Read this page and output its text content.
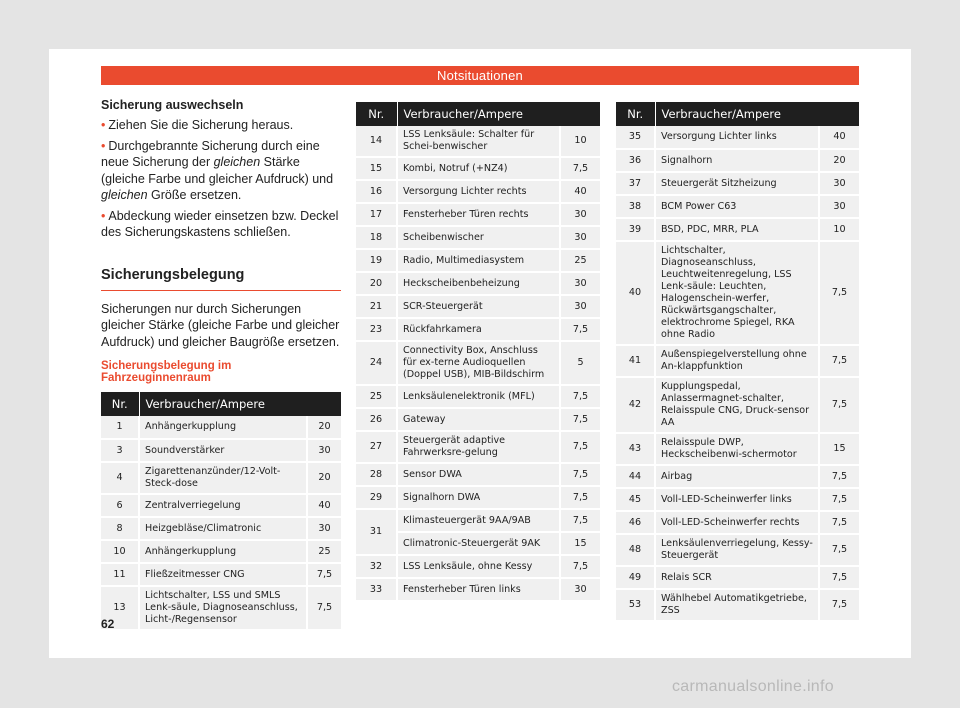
Notsituationen
Sicherung auswechseln
• Ziehen Sie die Sicherung heraus.
• Durchgebrannte Sicherung durch eine neue Sicherung der gleichen Stärke (gleiche Farbe und gleicher Aufdruck) und gleichen Größe ersetzen.
• Abdeckung wieder einsetzen bzw. Deckel des Sicherungskastens schließen.
Sicherungsbelegung
Sicherungen nur durch Sicherungen gleicher Stärke (gleiche Farbe und gleicher Aufdruck) und gleicher Baugröße ersetzen.
Sicherungsbelegung im Fahrzeuginnenraum
Nr.	Verbraucher/Ampere	
1	Anhängerkupplung	20
3	Soundverstärker	30
4	Zigarettenanzünder/12-Volt-Steck-dose	20
6	Zentralverriegelung	40
8	Heizgebläse/Climatronic	30
10	Anhängerkupplung	25
11	Fließzeitmesser CNG	7,5
13	Lichtschalter, LSS und SMLS Lenk-säule, Diagnoseanschluss, Licht-/Regensensor	7,5
Nr.	Verbraucher/Ampere	
14	LSS Lenksäule: Schalter für Schei-benwischer	10
15	Kombi, Notruf (+NZ4)	7,5
16	Versorgung Lichter rechts	40
17	Fensterheber Türen rechts	30
18	Scheibenwischer	30
19	Radio, Multimediasystem	25
20	Heckscheibenbeheizung	30
21	SCR-Steuergerät	30
23	Rückfahrkamera	7,5
24	Connectivity Box, Anschluss für ex-terne Audioquellen (Doppel USB), MIB-Bildschirm	5
25	Lenksäulenelektronik (MFL)	7,5
26	Gateway	7,5
27	Steuergerät adaptive Fahrwerksre-gelung	7,5
28	Sensor DWA	7,5
29	Signalhorn DWA	7,5
31	Klimasteuergerät 9AA/9AB	7,5
	Climatronic-Steuergerät 9AK	15
32	LSS Lenksäule, ohne Kessy	7,5
33	Fensterheber Türen links	30
Nr.	Verbraucher/Ampere	
35	Versorgung Lichter links	40
36	Signalhorn	20
37	Steuergerät Sitzheizung	30
38	BCM Power C63	30
39	BSD, PDC, MRR, PLA	10
40	Lichtschalter, Diagnoseanschluss, Leuchtweitenregelung, LSS Lenk-säule: Leuchten, Halogenschein-werfer, Rückwärtsgangschalter, elektrochrome Spiegel, RKA ohne Radio	7,5
41	Außenspiegelverstellung ohne An-klappfunktion	7,5
42	Kupplungspedal, Anlassermagnet-schalter, Relaisspule CNG, Druck-sensor AA	7,5
43	Relaisspule DWP, Heckscheibenwi-schermotor	15
44	Airbag	7,5
45	Voll-LED-Scheinwerfer links	7,5
46	Voll-LED-Scheinwerfer rechts	7,5
48	Lenksäulenverriegelung, Kessy-Steuergerät	7,5
49	Relais SCR	7,5
53	Wählhebel Automatikgetriebe, ZSS	7,5
62
carmanualsonline.info
